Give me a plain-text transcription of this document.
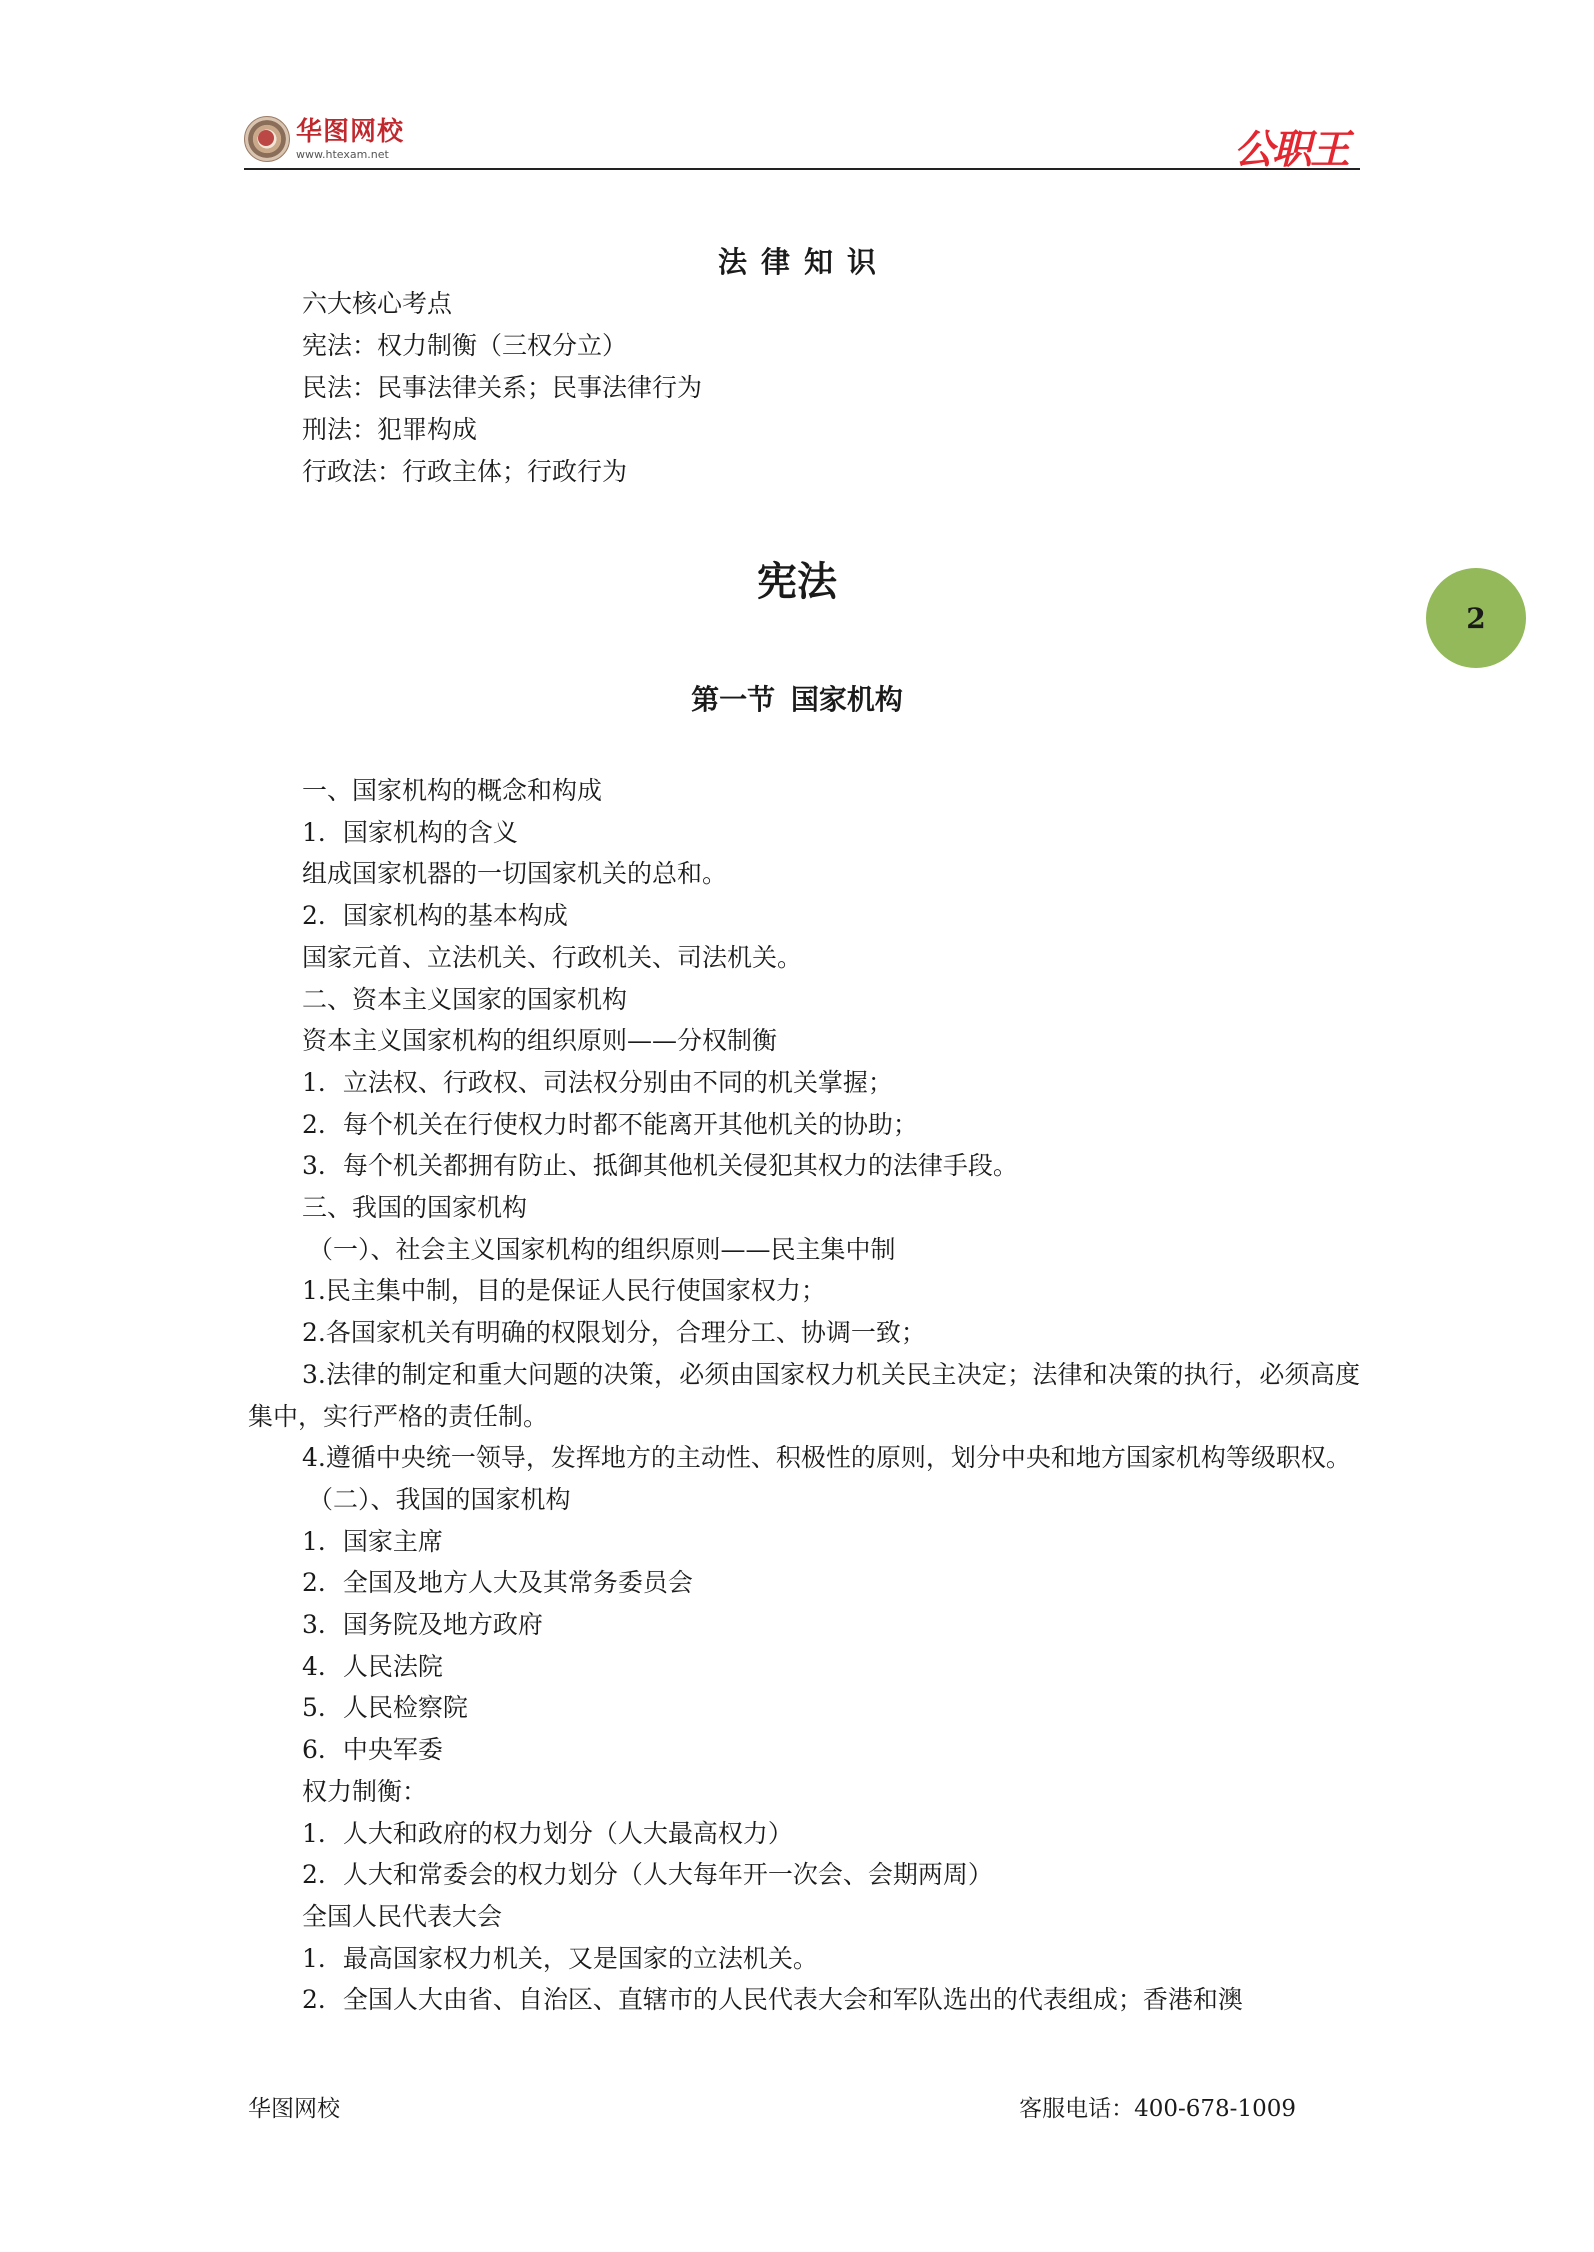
华图网校
www.htexam.net	公职王
2
法律知识
六大核心考点
宪法：权力制衡（三权分立）
民法：民事法律关系；民事法律行为
刑法：犯罪构成
行政法：行政主体；行政行为
宪法
第一节 国家机构

一、国家机构的概念和构成

1．国家机构的含义

组成国家机器的一切国家机关的总和。

2．国家机构的基本构成

国家元首、立法机关、行政机关、司法机关。

二、资本主义国家的国家机构

资本主义国家机构的组织原则——分权制衡

1．立法权、行政权、司法权分别由不同的机关掌握；

2．每个机关在行使权力时都不能离开其他机关的协助；

3．每个机关都拥有防止、抵御其他机关侵犯其权力的法律手段。

三、我国的国家机构

（一）、社会主义国家机构的组织原则——民主集中制

1.民主集中制，目的是保证人民行使国家权力；

2.各国家机关有明确的权限划分，合理分工、协调一致；

3.法律的制定和重大问题的决策，必须由国家权力机关民主决定；法律和决策的执行，必须高度集中，实行严格的责任制。

4.遵循中央统一领导，发挥地方的主动性、积极性的原则，划分中央和地方国家机构等级职权。

（二）、我国的国家机构

1．国家主席

2．全国及地方人大及其常务委员会

3．国务院及地方政府

4．人民法院

5．人民检察院

6．中央军委

权力制衡：

1．人大和政府的权力划分（人大最高权力）

2．人大和常委会的权力划分（人大每年开一次会、会期两周）

全国人民代表大会

1．最高国家权力机关，又是国家的立法机关。

2．全国人大由省、自治区、直辖市的人民代表大会和军队选出的代表组成；香港和澳

华图网校	客服电话：400-678-1009
